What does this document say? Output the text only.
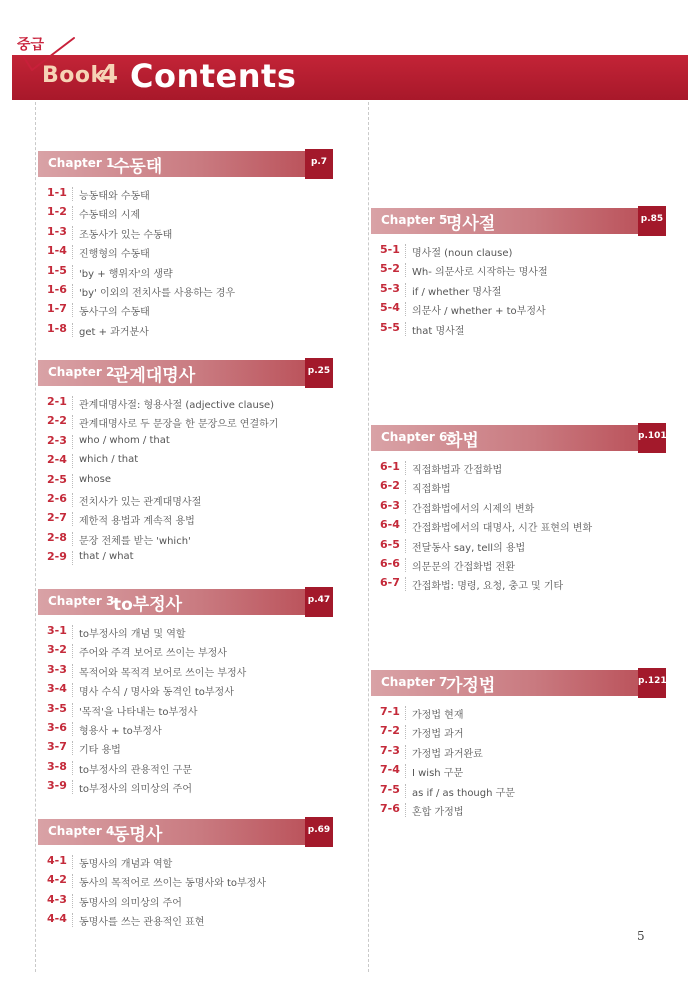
중급
Book
4 Contents
Chapter 1
수동태	p.7
1-1 능동태와 수동태
1-2 수동태의 시제
1-3 조동사가 있는 수동태
1-4 진행형의 수동태
1-5 'by + 행위자'의 생략
1-6 'by' 이외의 전치사를 사용하는 경우
1-7 동사구의 수동태
1-8 get + 과거분사
Chapter 2
관계대명사	p.25
2-1 관계대명사절: 형용사절 (adjective clause)
2-2 관계대명사로 두 문장을 한 문장으로 연결하기
2-3 who / whom / that
2-4 which / that
2-5 whose
2-6 전치사가 있는 관계대명사절
2-7 제한적 용법과 계속적 용법
2-8 문장 전체를 받는 'which'
2-9 that / what
Chapter 3
to부정사	p.47
3-1 to부정사의 개념 및 역할
3-2 주어와 주격 보어로 쓰이는 부정사
3-3 목적어와 목적격 보어로 쓰이는 부정사
3-4 명사 수식 / 명사와 동격인 to부정사
3-5 '목적'을 나타내는 to부정사
3-6 형용사 + to부정사
3-7 기타 용법
3-8 to부정사의 관용적인 구문
3-9 to부정사의 의미상의 주어
Chapter 4
동명사	p.69
4-1 동명사의 개념과 역할
4-2 동사의 목적어로 쓰이는 동명사와 to부정사
4-3 동명사의 의미상의 주어
4-4 동명사를 쓰는 관용적인 표현
Chapter 5
명사절	p.85
5-1 명사절 (noun clause)
5-2 Wh- 의문사로 시작하는 명사절
5-3 if / whether 명사절
5-4 의문사 / whether + to부정사
5-5 that 명사절
Chapter 6
화법	p.101
6-1 직접화법과 간접화법
6-2 직접화법
6-3 간접화법에서의 시제의 변화
6-4 간접화법에서의 대명사, 시간 표현의 변화
6-5 전달동사 say, tell의 용법
6-6 의문문의 간접화법 전환
6-7 간접화법: 명령, 요청, 충고 및 기타
Chapter 7
가정법	p.121
7-1 가정법 현재
7-2 가정법 과거
7-3 가정법 과거완료
7-4 I wish 구문
7-5 as if / as though 구문
7-6 혼합 가정법
5
